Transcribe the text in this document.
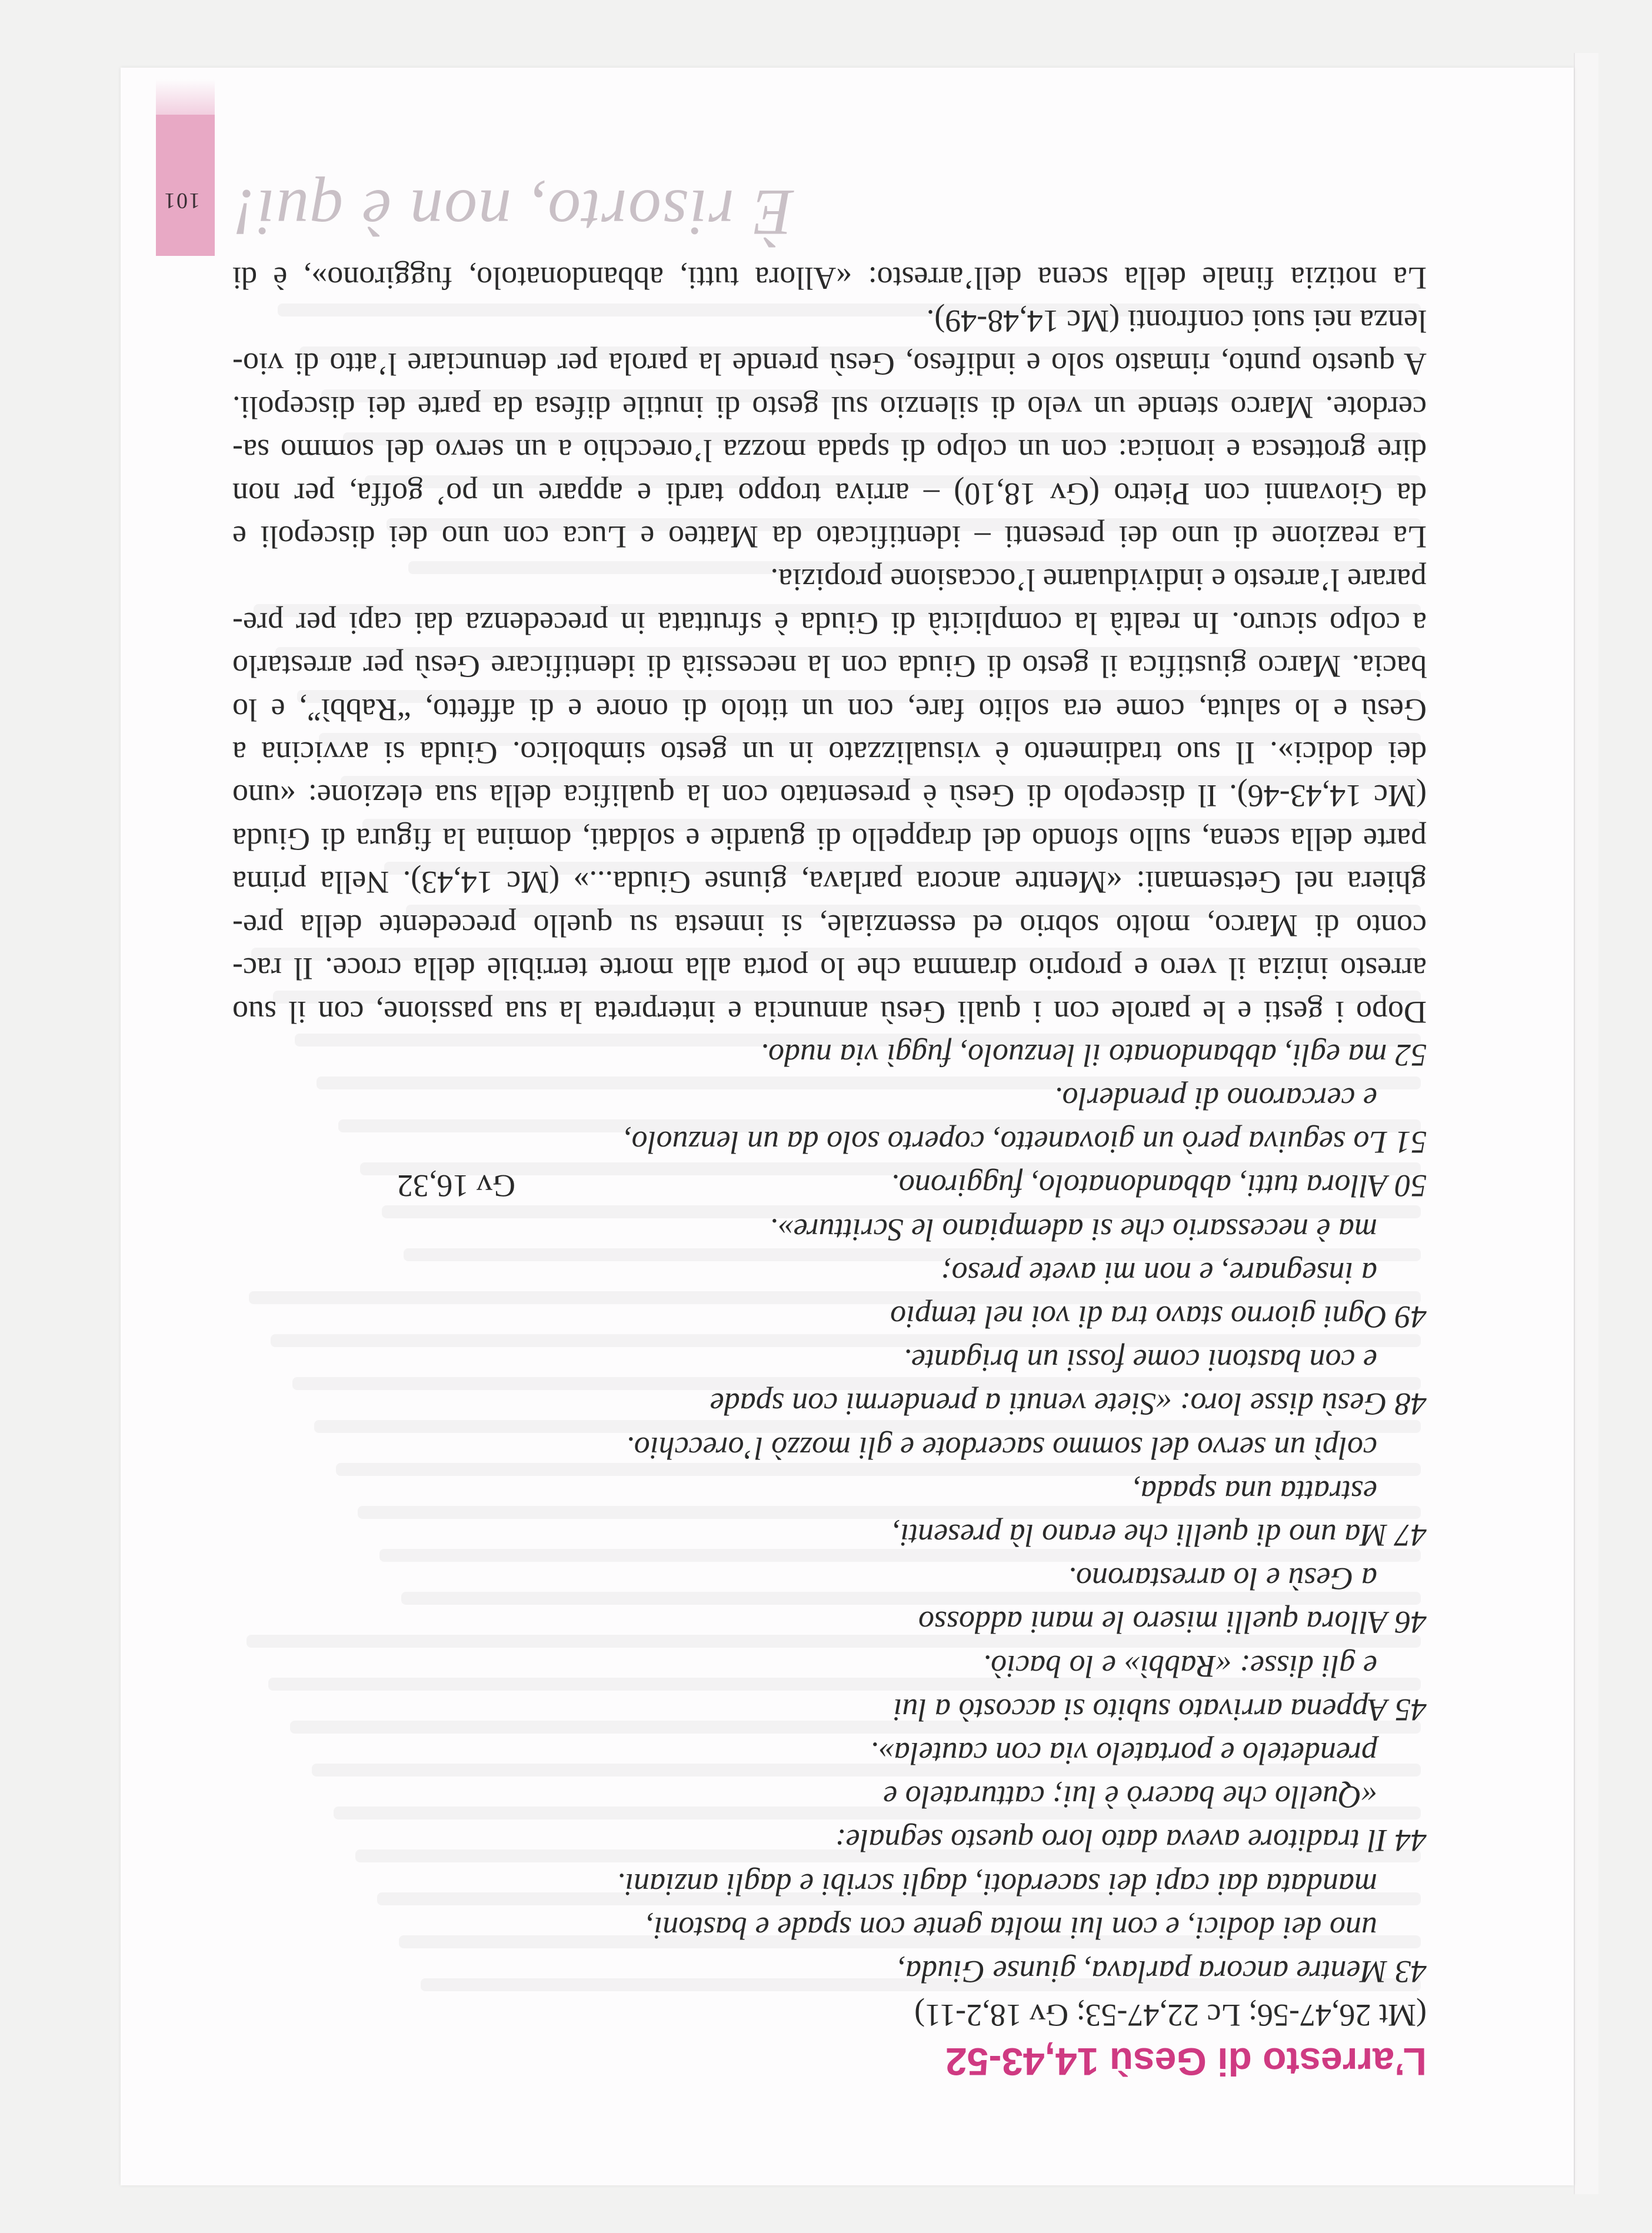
È risorto, non è qui!
101
L’arresto di Gesù 14,43-52
(Mt 26,47-56; Lc 22,47-53; Gv 18,2-11)
43 Mentre ancora parlava, giunse Giuda,
uno dei dodici, e con lui molta gente con spade e bastoni,
mandata dai capi dei sacerdoti, dagli scribi e dagli anziani.
44 Il traditore aveva dato loro questo segnale:
«Quello che bacerò è lui; catturatelo e
prendetelo e portatelo via con cautela».
45 Appena arrivato subito si accostò a lui
e gli disse: «Rabbì» e lo baciò.
46 Allora quelli misero le mani addosso
a Gesù e lo arrestarono.
47 Ma uno di quelli che erano là presenti,
estratta una spada,
colpì un servo del sommo sacerdote e gli mozzò l’orecchio.
48 Gesù disse loro: «Siete venuti a prendermi con spade
e con bastoni come fossi un brigante.
49 Ogni giorno stavo tra di voi nel tempio
a insegnare, e non mi avete preso;
ma è necessario che si adempiano le Scritture».
50 Allora tutti, abbandonatolo, fuggirono.
Gv 16,32
51 Lo seguiva però un giovanetto, coperto solo da un lenzuolo,
e cercarono di prenderlo.
52 ma egli, abbandonato il lenzuolo, fuggì via nudo.
Dopo i gesti e le parole con i quali Gesù annuncia e interpreta la sua passione, con il suo
arresto inizia il vero e proprio dramma che lo porta alla morte terribile della croce. Il rac-
conto di Marco, molto sobrio ed essenziale, si innesta su quello precedente della pre-
ghiera nel Getsemani: «Mentre ancora parlava, giunse Giuda...» (Mc 14,43). Nella prima
parte della scena, sullo sfondo del drappello di guardie e soldati, domina la figura di Giuda
(Mc 14,43-46). Il discepolo di Gesù è presentato con la qualifica della sua elezione: «uno
dei dodici». Il suo tradimento è visualizzato in un gesto simbolico. Giuda si avvicina a
Gesù e lo saluta, come era solito fare, con un titolo di onore e di affetto, “Rabbì”, e lo
bacia. Marco giustifica il gesto di Giuda con la necessità di identificare Gesù per arrestarlo
a colpo sicuro. In realtà la complicità di Giuda è sfruttata in precedenza dai capi per pre-
parare l’arresto e individuarne l’occasione propizia.
La reazione di uno dei presenti – identificato da Matteo e Luca con uno dei discepoli e
da Giovanni con Pietro (Gv 18,10) – arriva troppo tardi e appare un po’ goffa, per non
dire grottesca e ironica: con un colpo di spada mozza l’orecchio a un servo del sommo sa-
cerdote. Marco stende un velo di silenzio sul gesto di inutile difesa da parte dei discepoli.
A questo punto, rimasto solo e indifeso, Gesù prende la parola per denunciare l’atto di vio-
lenza nei suoi confronti (Mc 14,48-49).
La notizia finale della scena dell’arresto: «Allora tutti, abbandonatolo, fuggirono», è di
